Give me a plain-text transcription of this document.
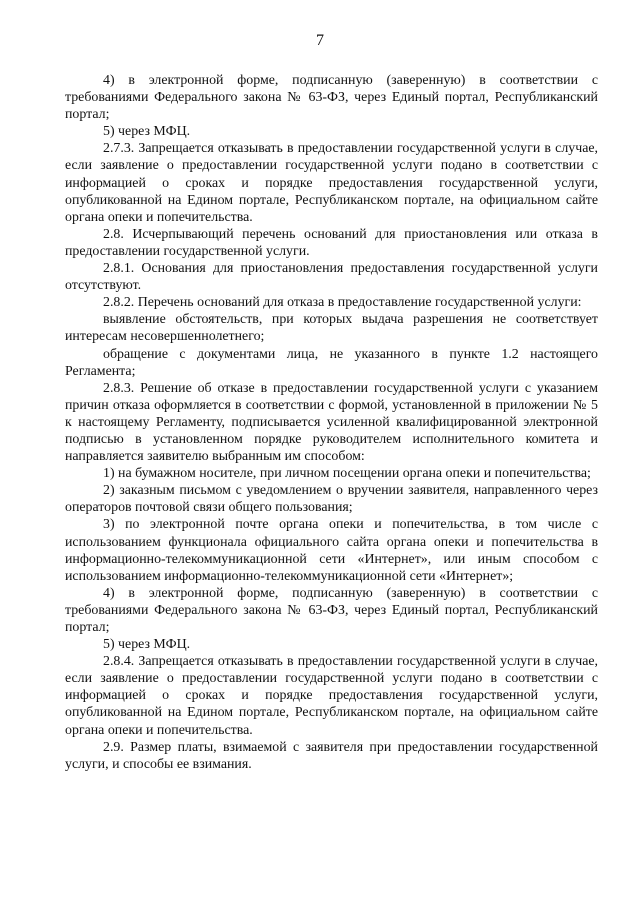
7

4) в электронной форме, подписанную (заверенную) в соответствии с требованиями Федерального закона № 63-ФЗ, через Единый портал, Республиканский портал;

5) через МФЦ.

2.7.3. Запрещается отказывать в предоставлении государственной услуги в случае, если заявление о предоставлении государственной услуги подано в соответствии с информацией о сроках и порядке предоставления государственной услуги, опубликованной на Едином портале, Республиканском портале, на официальном сайте органа опеки и попечительства.

2.8. Исчерпывающий перечень оснований для приостановления или отказа в предоставлении государственной услуги.

2.8.1. Основания для приостановления предоставления государственной услуги отсутствуют.

2.8.2. Перечень оснований для отказа в предоставление государственной услуги:

выявление обстоятельств, при которых выдача разрешения не соответствует интересам несовершеннолетнего;

обращение с документами лица, не указанного в пункте 1.2 настоящего Регламента;

2.8.3. Решение об отказе в предоставлении государственной услуги с указанием причин отказа оформляется в соответствии с формой, установленной в приложении № 5 к настоящему Регламенту, подписывается усиленной квалифицированной электронной подписью в установленном порядке руководителем исполнительного комитета и направляется заявителю выбранным им способом:

1) на бумажном носителе, при личном посещении органа опеки и попечительства;

2) заказным письмом с уведомлением о вручении заявителя, направленного через операторов почтовой связи общего пользования;

3) по электронной почте органа опеки и попечительства, в том числе с использованием функционала официального сайта органа опеки и попечительства в информационно-телекоммуникационной сети «Интернет», или иным способом с использованием информационно-телекоммуникационной сети «Интернет»;

4) в электронной форме, подписанную (заверенную) в соответствии с требованиями Федерального закона № 63-ФЗ, через Единый портал, Республиканский портал;

5) через МФЦ.

2.8.4. Запрещается отказывать в предоставлении государственной услуги в случае, если заявление о предоставлении государственной услуги подано в соответствии с информацией о сроках и порядке предоставления государственной услуги, опубликованной на Едином портале, Республиканском портале, на официальном сайте органа опеки и попечительства.

2.9. Размер платы, взимаемой с заявителя при предоставлении государственной услуги, и способы ее взимания.
